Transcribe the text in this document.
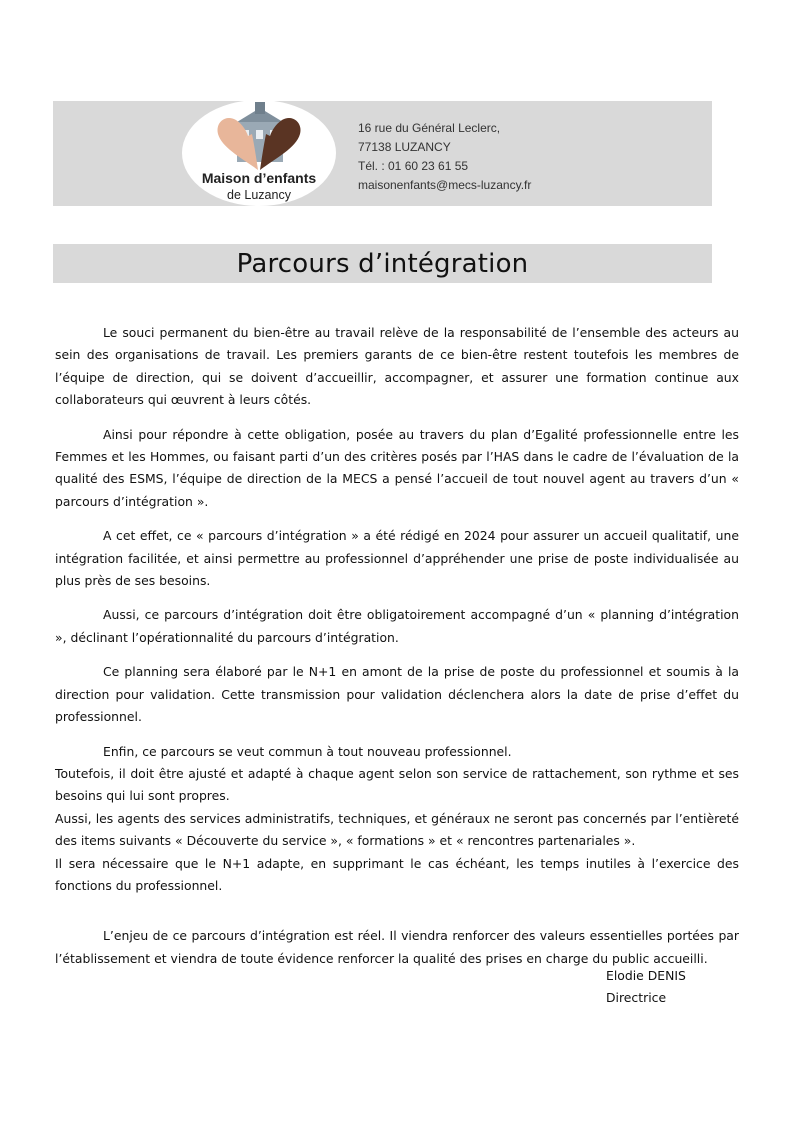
Maison d’enfants
de Luzancy
16 rue du Général Leclerc,
77138 LUZANCY
Tél. : 01 60 23 61 55
maisonenfants@mecs-luzancy.fr
Parcours d’intégration

Le souci permanent du bien-être au travail relève de la responsabilité de l’ensemble des acteurs au sein des organisations de travail. Les premiers garants de ce bien-être restent toutefois les membres de l’équipe de direction, qui se doivent d’accueillir, accompagner, et assurer une formation continue aux collaborateurs qui œuvrent à leurs côtés.

Ainsi pour répondre à cette obligation, posée au travers du plan d’Egalité professionnelle entre les Femmes et les Hommes, ou faisant parti d’un des critères posés par l’HAS dans le cadre de l’évaluation de la qualité des ESMS, l’équipe de direction de la MECS a pensé l’accueil de tout nouvel agent au travers d’un « parcours d’intégration ».

A cet effet, ce « parcours d’intégration » a été rédigé en 2024 pour assurer un accueil qualitatif, une intégration facilitée, et ainsi permettre au professionnel d’appréhender une prise de poste individualisée au plus près de ses besoins.

Aussi, ce parcours d’intégration doit être obligatoirement accompagné d’un « planning d’intégration », déclinant l’opérationnalité du parcours d’intégration.

Ce planning sera élaboré par le N+1 en amont de la prise de poste du professionnel et soumis à la direction pour validation. Cette transmission pour validation déclenchera alors la date de prise d’effet du professionnel.

Enfin, ce parcours se veut commun à tout nouveau professionnel.

Toutefois, il doit être ajusté et adapté à chaque agent selon son service de rattachement, son rythme et ses besoins qui lui sont propres.

Aussi, les agents des services administratifs, techniques, et généraux ne seront pas concernés par l’entièreté des items suivants « Découverte du service », « formations » et « rencontres partenariales ».

Il sera nécessaire que le N+1 adapte, en supprimant le cas échéant, les temps inutiles à l’exercice des fonctions du professionnel.

L’enjeu de ce parcours d’intégration est réel. Il viendra renforcer des valeurs essentielles portées par l’établissement et viendra de toute évidence renforcer la qualité des prises en charge du public accueilli.

Elodie DENIS
Directrice
